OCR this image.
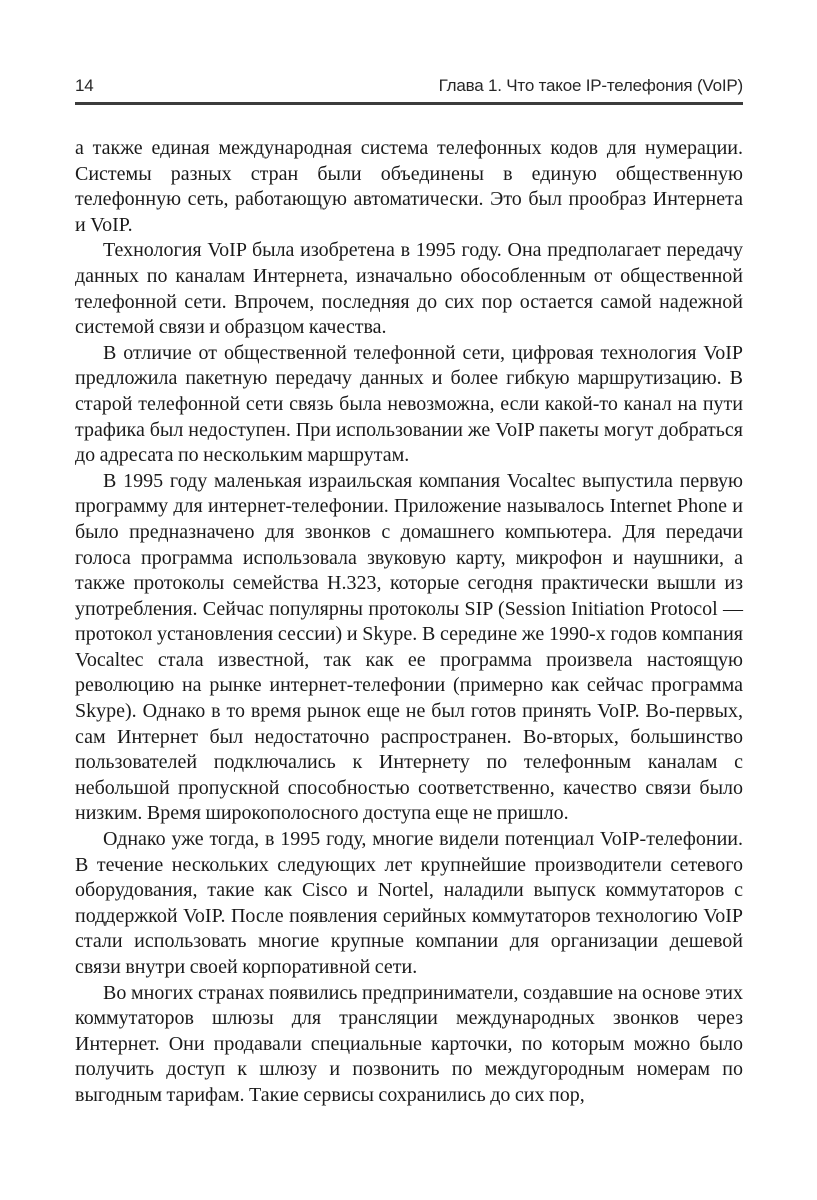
14	Глава 1. Что такое IP-телефония (VoIP)

а также единая международная система телефонных кодов для нумерации. Системы разных стран были объединены в единую общественную телефонную сеть, работающую автоматически. Это был прообраз Интернета и VoIP.

Технология VoIP была изобретена в 1995 году. Она предполагает передачу данных по каналам Интернета, изначально обособленным от общественной телефонной сети. Впрочем, последняя до сих пор остается самой надежной системой связи и образцом качества.

В отличие от общественной телефонной сети, цифровая технология VoIP предложила пакетную передачу данных и более гибкую маршрутизацию. В старой телефонной сети связь была невозможна, если какой-то канал на пути трафика был недоступен. При использовании же VoIP пакеты могут добраться до адресата по нескольким маршрутам.

В 1995 году маленькая израильская компания Vocaltec выпустила первую программу для интернет-телефонии. Приложение называлось Internet Phone и было предназначено для звонков с домашнего компьютера. Для передачи голоса программа использовала звуковую карту, микрофон и наушники, а также протоколы семейства H.323, которые сегодня практически вышли из употребления. Сейчас популярны протоколы SIP (Session Initiation Protocol — протокол установления сессии) и Skype. В середине же 1990-х годов компания Vocaltec стала известной, так как ее программа произвела настоящую революцию на рынке интернет-телефонии (примерно как сейчас программа Skype). Однако в то время рынок еще не был готов принять VoIP. Во-первых, сам Интернет был недостаточно распространен. Во-вторых, большинство пользователей подключались к Интернету по телефонным каналам с небольшой пропускной способностью соответственно, качество связи было низким. Время широкополосного доступа еще не пришло.

Однако уже тогда, в 1995 году, многие видели потенциал VoIP-телефонии. В течение нескольких следующих лет крупнейшие производители сетевого оборудования, такие как Cisco и Nortel, наладили выпуск коммутаторов с поддержкой VoIP. После появления серийных коммутаторов технологию VoIP стали использовать многие крупные компании для организации дешевой связи внутри своей корпоративной сети.

Во многих странах появились предприниматели, создавшие на основе этих коммутаторов шлюзы для трансляции международных звонков через Интернет. Они продавали специальные карточки, по которым можно было получить доступ к шлюзу и позвонить по междугородным номерам по выгодным тарифам. Такие сервисы сохранились до сих пор,
